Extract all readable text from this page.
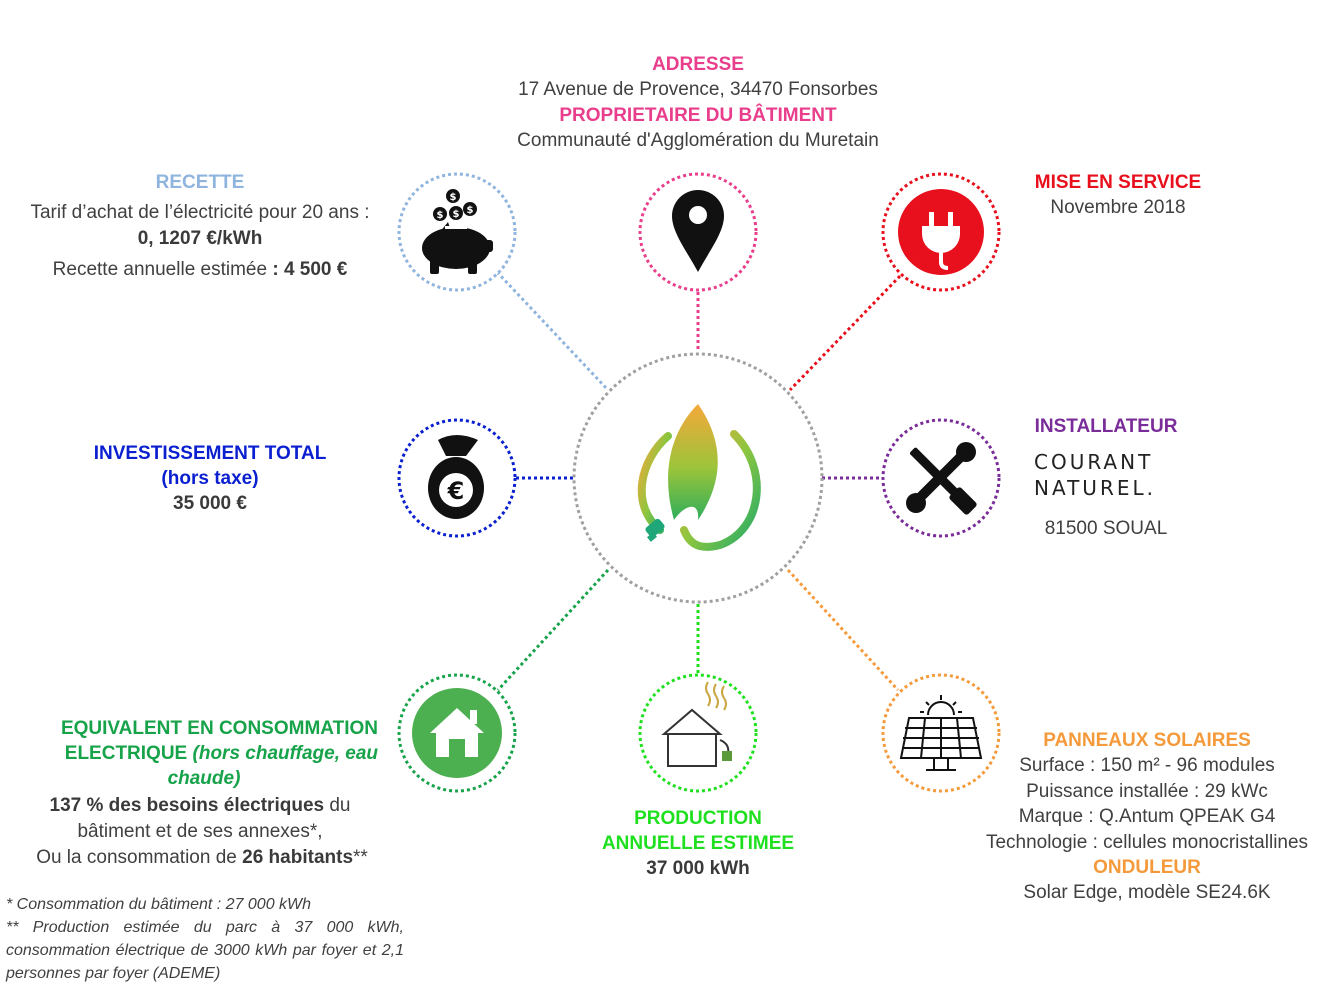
$
$ $ $
€
ADRESSE
17 Avenue de Provence, 34470 Fonsorbes
PROPRIETAIRE DU BÂTIMENT
Communauté d'Agglomération du Muretain
RECETTE
Tarif d’achat de l’électricité pour 20 ans :
0, 1207 €/kWh
Recette annuelle estimée : 4 500 €
MISE EN SERVICE
Novembre 2018
INVESTISSEMENT TOTAL
(hors taxe)
35 000 €
INSTALLATEUR
COURANT
NATUREL.
81500 SOUAL
EQUIVALENT EN CONSOMMATION
ELECTRIQUE (hors chauffage, eau
chaude)
137 % des besoins électriques du
bâtiment et de ses annexes*,
Ou la consommation de 26 habitants**
PRODUCTION
ANNUELLE ESTIMEE
37 000 kWh
PANNEAUX SOLAIRES
Surface : 150 m² - 96 modules
Puissance installée : 29 kWc
Marque : Q.Antum QPEAK G4
Technologie : cellules monocristallines
ONDULEUR
Solar Edge, modèle SE24.6K
* Consommation du bâtiment : 27 000 kWh
** Production estimée du parc à 37 000 kWh, consommation électrique de 3000 kWh par foyer et 2,1 personnes par foyer (ADEME)
